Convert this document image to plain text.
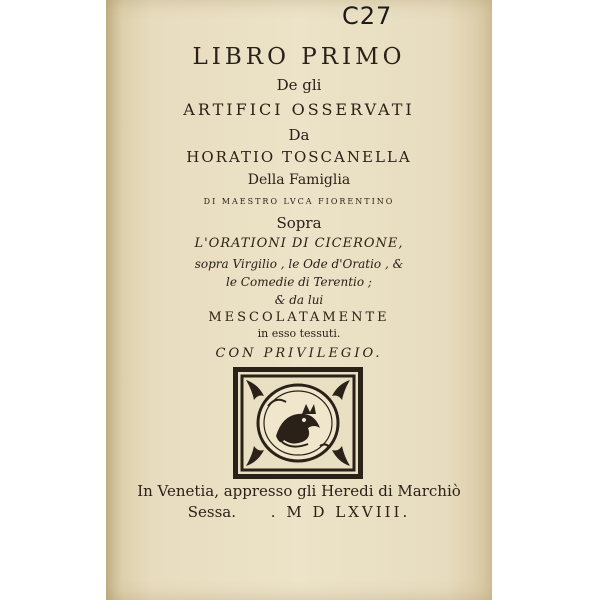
C27
LIBRO PRIMO
De gli
ARTIFICI OSSERVATI
Da
HORATIO TOSCANELLA
Della Famiglia
DI MAESTRO LVCA FIORENTINO
Sopra
L'ORATIONI DI CICERONE,
sopra Virgilio , le Ode d'Oratio , &
le Comedie di Terentio ;
& da lui
MESCOLATAMENTE
in esso tessuti.
CON PRIVILEGIO.
In Venetia, appresso gli Heredi di Marchiò
Sessa. . M D LXVIII.
